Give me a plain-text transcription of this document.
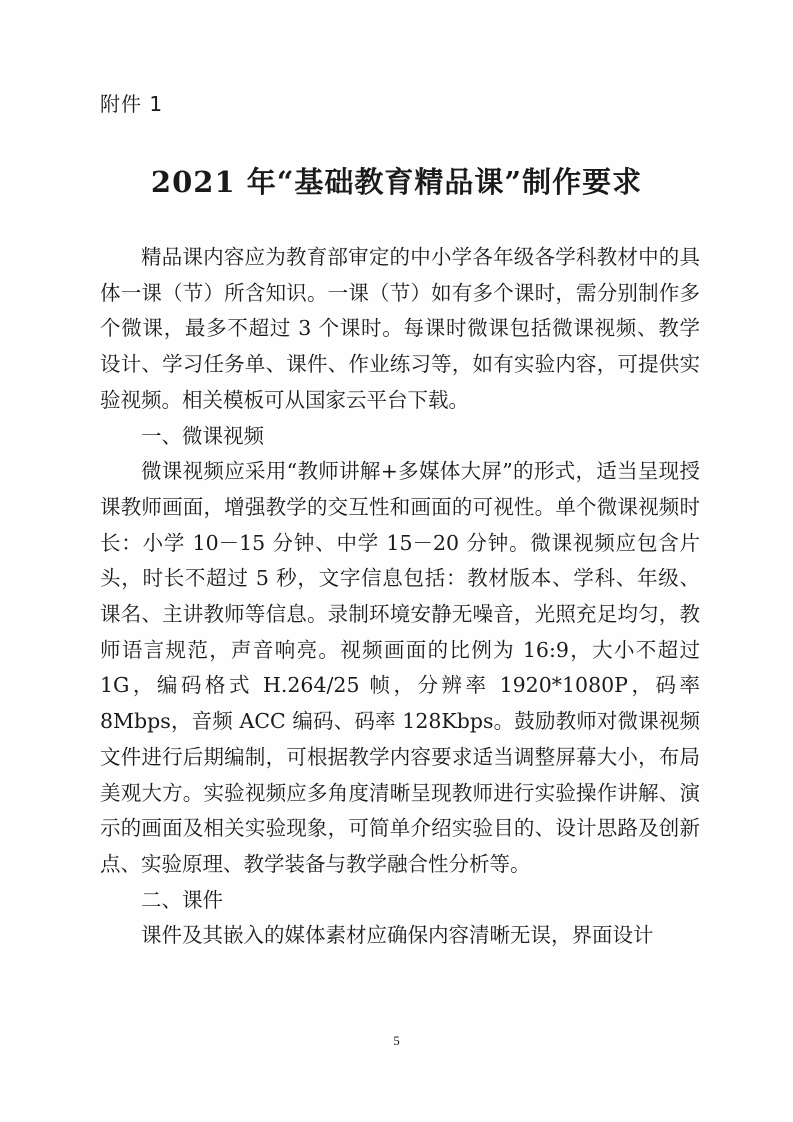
附件 1
2021 年“基础教育精品课”制作要求

精品课内容应为教育部审定的中小学各年级各学科教材中的具体一课（节）所含知识。一课（节）如有多个课时，需分别制作多个微课，最多不超过 3 个课时。每课时微课包括微课视频、教学设计、学习任务单、课件、作业练习等，如有实验内容，可提供实验视频。相关模板可从国家云平台下载。

一、微课视频

微课视频应采用“教师讲解+多媒体大屏”的形式，适当呈现授课教师画面，增强教学的交互性和画面的可视性。单个微课视频时长：小学 10－15 分钟、中学 15－20 分钟。微课视频应包含片头，时长不超过 5 秒，文字信息包括：教材版本、学科、年级、课名、主讲教师等信息。录制环境安静无噪音，光照充足均匀，教师语言规范，声音响亮。视频画面的比例为 16:9，大小不超过 1G，编码格式 H.264/25 帧，分辨率 1920*1080P，码率 8Mbps，音频 ACC 编码、码率 128Kbps。鼓励教师对微课视频文件进行后期编制，可根据教学内容要求适当调整屏幕大小，布局美观大方。实验视频应多角度清晰呈现教师进行实验操作讲解、演示的画面及相关实验现象，可简单介绍实验目的、设计思路及创新点、实验原理、教学装备与教学融合性分析等。

二、课件

课件及其嵌入的媒体素材应确保内容清晰无误，界面设计

5
